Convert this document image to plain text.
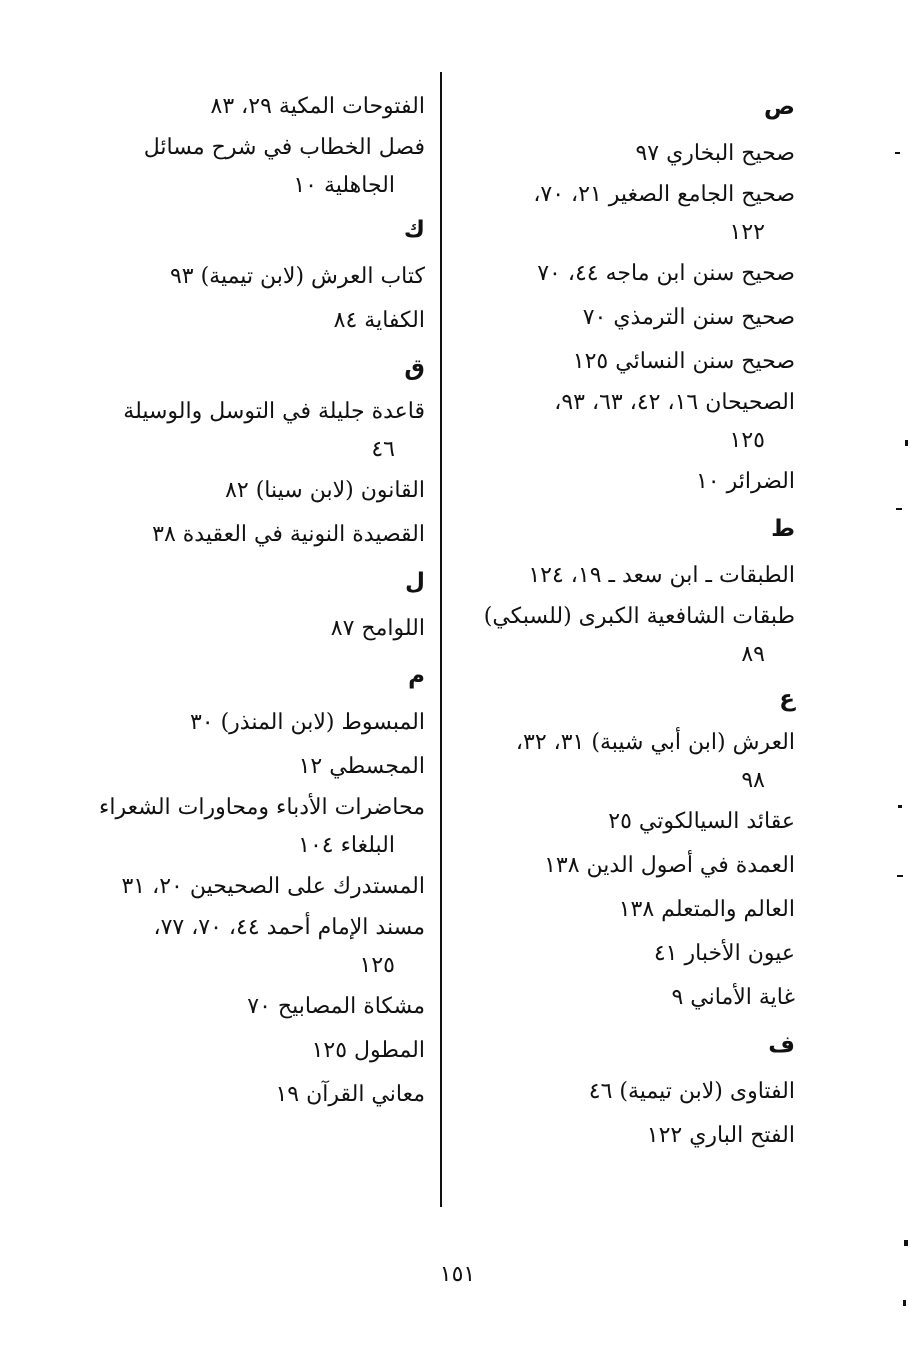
ص
صحيح البخاري ٩٧
صحيح الجامع الصغير ٢١، ٧٠،
١٢٢
صحيح سنن ابن ماجه ٤٤، ٧٠
صحيح سنن الترمذي ٧٠
صحيح سنن النسائي ١٢٥
الصحيحان ١٦، ٤٢، ٦٣، ٩٣،
١٢٥
الضرائر ١٠
ط
الطبقات ـ ابن سعد ـ ١٩، ١٢٤
طبقات الشافعية الكبرى (للسبكي)
٨٩
ع
العرش (ابن أبي شيبة) ٣١، ٣٢،
٩٨
عقائد السيالكوتي ٢٥
العمدة في أصول الدين ١٣٨
العالم والمتعلم ١٣٨
عيون الأخبار ٤١
غاية الأماني ٩
ف
الفتاوى (لابن تيمية) ٤٦
الفتح الباري ١٢٢
الفتوحات المكية ٢٩، ٨٣
فصل الخطاب في شرح مسائل
الجاهلية ١٠
ك
كتاب العرش (لابن تيمية) ٩٣
الكفاية ٨٤
ق
قاعدة جليلة في التوسل والوسيلة
٤٦
القانون (لابن سينا) ٨٢
القصيدة النونية في العقيدة ٣٨
ل
اللوامح ٨٧
م
المبسوط (لابن المنذر) ٣٠
المجسطي ١٢
محاضرات الأدباء ومحاورات الشعراء
البلغاء ١٠٤
المستدرك على الصحيحين ٢٠، ٣١
مسند الإمام أحمد ٤٤، ٧٠، ٧٧،
١٢٥
مشكاة المصابيح ٧٠
المطول ١٢٥
معاني القرآن ١٩
١٥١
